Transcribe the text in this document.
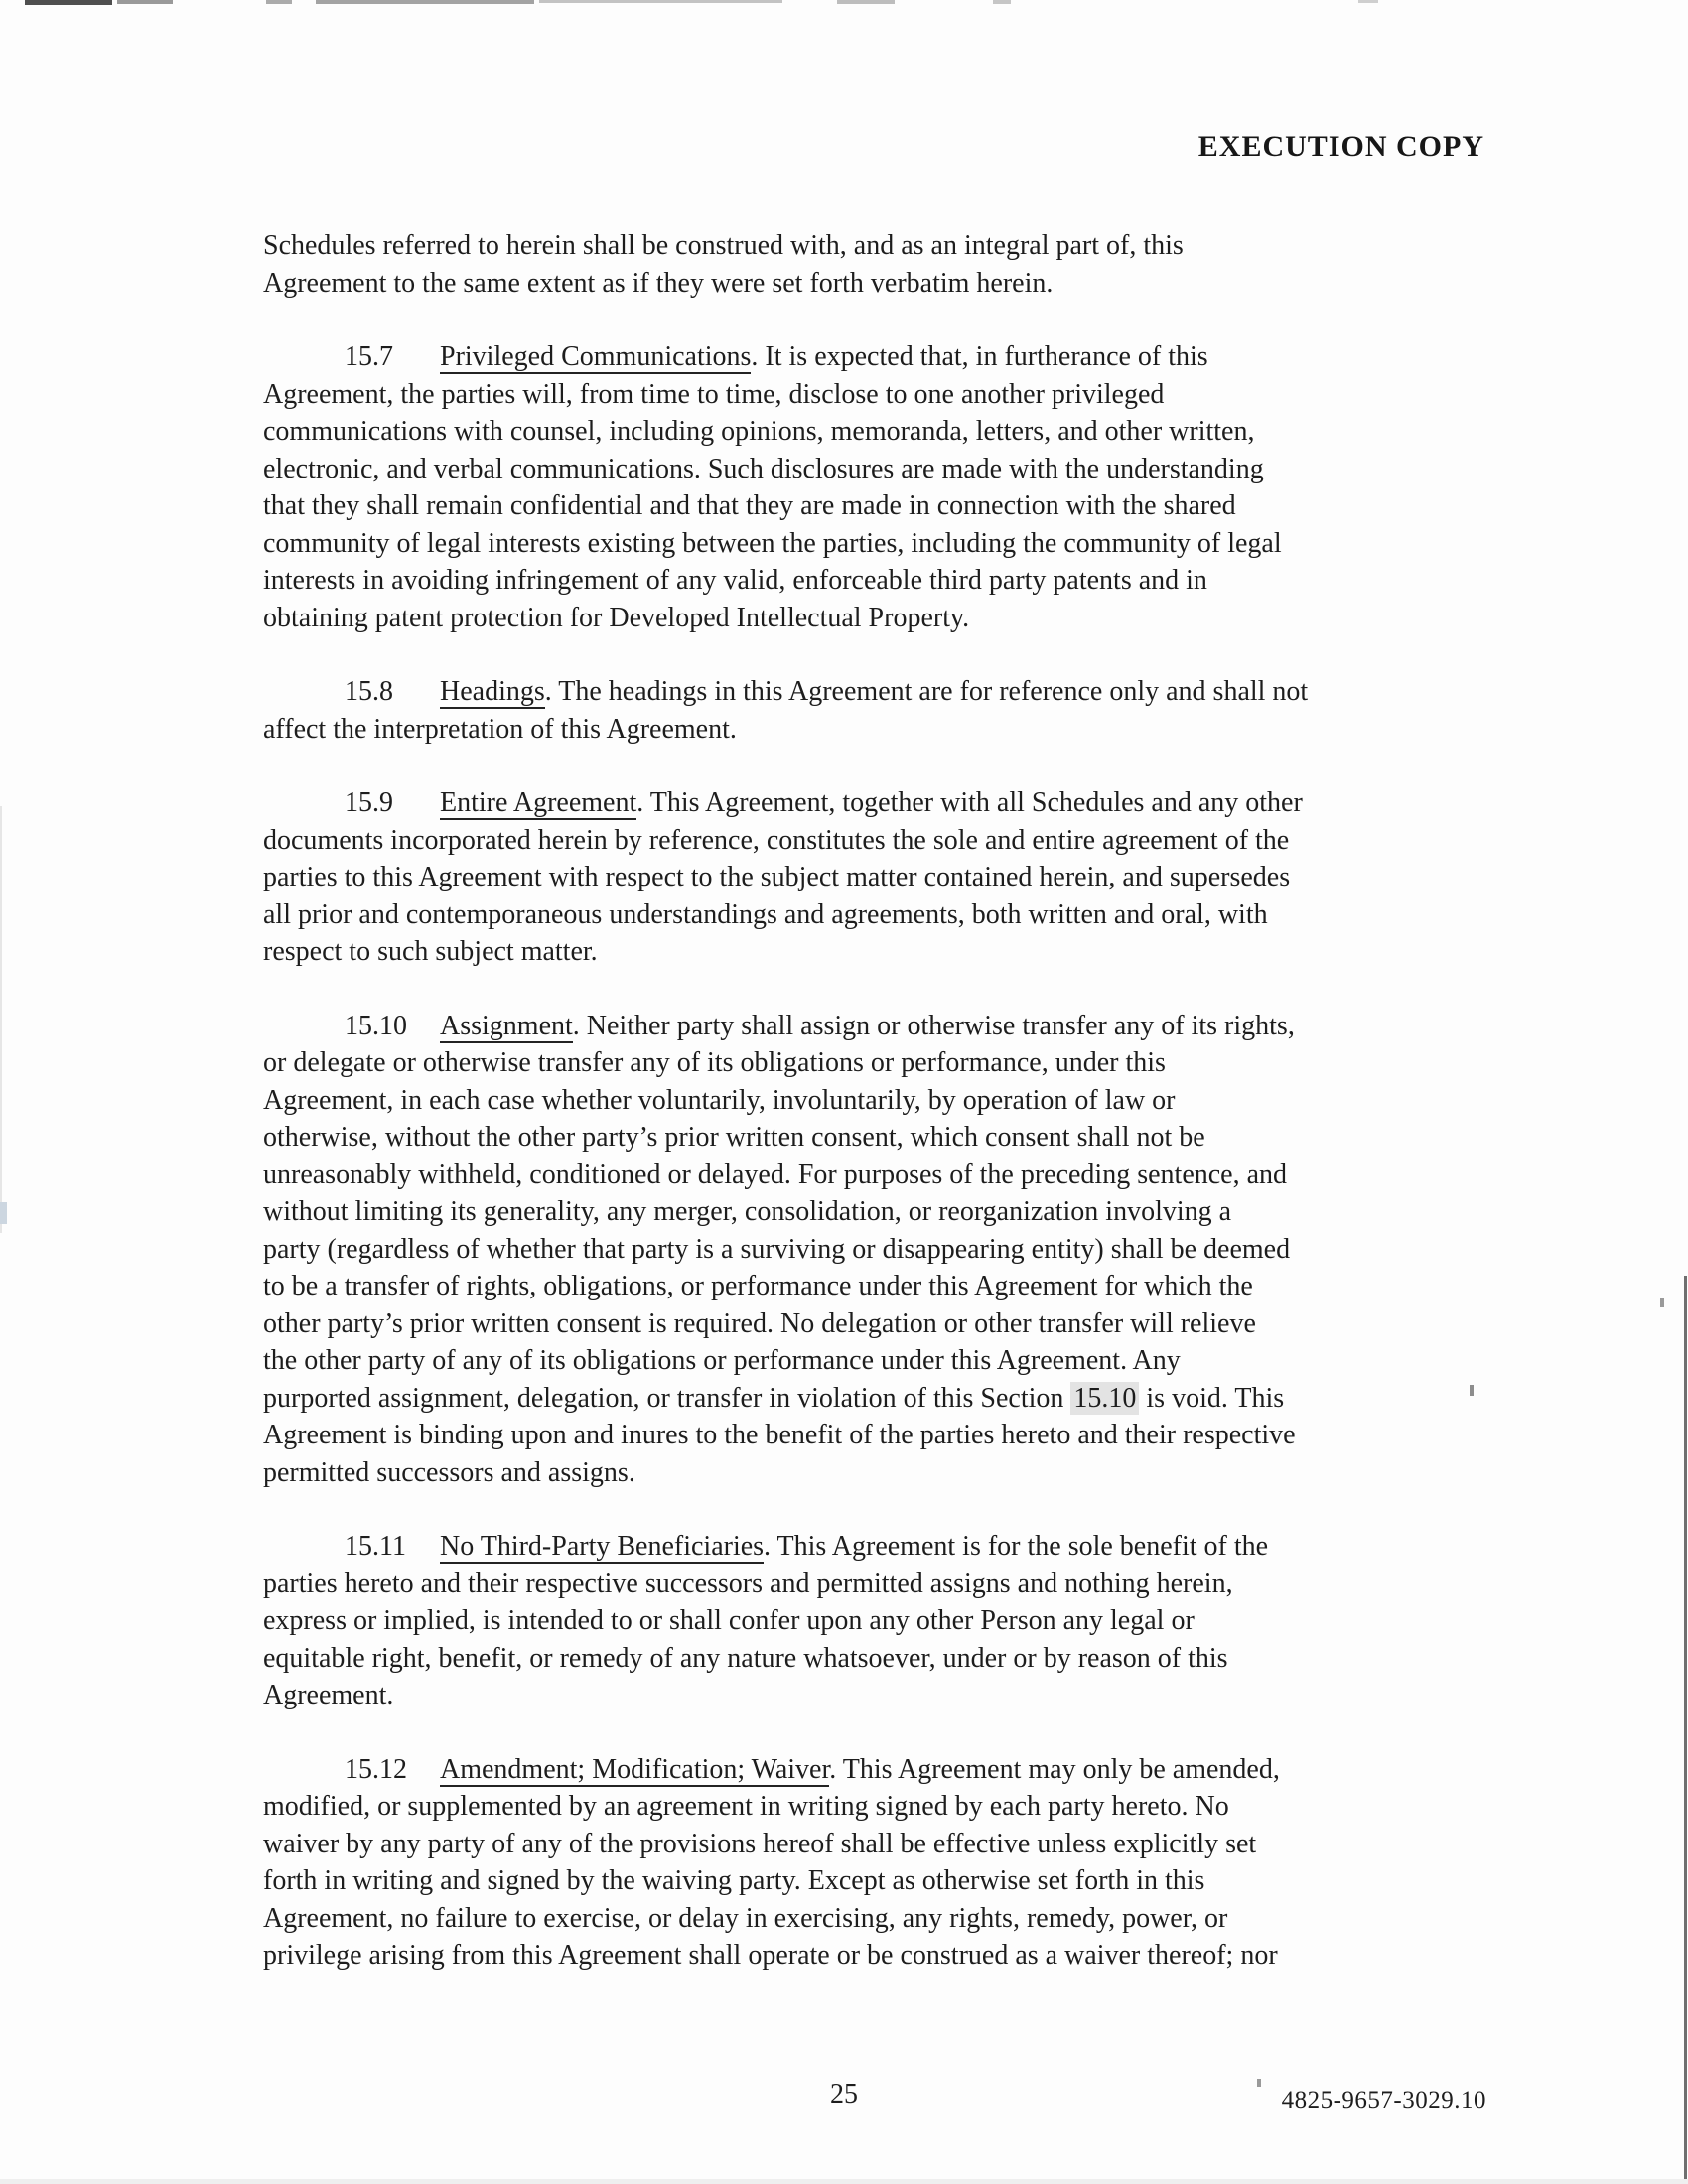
EXECUTION COPY
Schedules referred to herein shall be construed with, and as an integral part of, this
Agreement to the same extent as if they were set forth verbatim herein.
15.7 Privileged Communications. It is expected that, in furtherance of this
Agreement, the parties will, from time to time, disclose to one another privileged
communications with counsel, including opinions, memoranda, letters, and other written,
electronic, and verbal communications. Such disclosures are made with the understanding
that they shall remain confidential and that they are made in connection with the shared
community of legal interests existing between the parties, including the community of legal
interests in avoiding infringement of any valid, enforceable third party patents and in
obtaining patent protection for Developed Intellectual Property.
15.8 Headings. The headings in this Agreement are for reference only and shall not
affect the interpretation of this Agreement.
15.9 Entire Agreement. This Agreement, together with all Schedules and any other
documents incorporated herein by reference, constitutes the sole and entire agreement of the
parties to this Agreement with respect to the subject matter contained herein, and supersedes
all prior and contemporaneous understandings and agreements, both written and oral, with
respect to such subject matter.
15.10 Assignment. Neither party shall assign or otherwise transfer any of its rights,
or delegate or otherwise transfer any of its obligations or performance, under this
Agreement, in each case whether voluntarily, involuntarily, by operation of law or
otherwise, without the other party’s prior written consent, which consent shall not be
unreasonably withheld, conditioned or delayed. For purposes of the preceding sentence, and
without limiting its generality, any merger, consolidation, or reorganization involving a
party (regardless of whether that party is a surviving or disappearing entity) shall be deemed
to be a transfer of rights, obligations, or performance under this Agreement for which the
other party’s prior written consent is required. No delegation or other transfer will relieve
the other party of any of its obligations or performance under this Agreement. Any
purported assignment, delegation, or transfer in violation of this Section 15.10 is void. This
Agreement is binding upon and inures to the benefit of the parties hereto and their respective
permitted successors and assigns.
15.11 No Third-Party Beneficiaries. This Agreement is for the sole benefit of the
parties hereto and their respective successors and permitted assigns and nothing herein,
express or implied, is intended to or shall confer upon any other Person any legal or
equitable right, benefit, or remedy of any nature whatsoever, under or by reason of this
Agreement.
15.12 Amendment; Modification; Waiver. This Agreement may only be amended,
modified, or supplemented by an agreement in writing signed by each party hereto. No
waiver by any party of any of the provisions hereof shall be effective unless explicitly set
forth in writing and signed by the waiving party. Except as otherwise set forth in this
Agreement, no failure to exercise, or delay in exercising, any rights, remedy, power, or
privilege arising from this Agreement shall operate or be construed as a waiver thereof; nor
25	4825-9657-3029.10
